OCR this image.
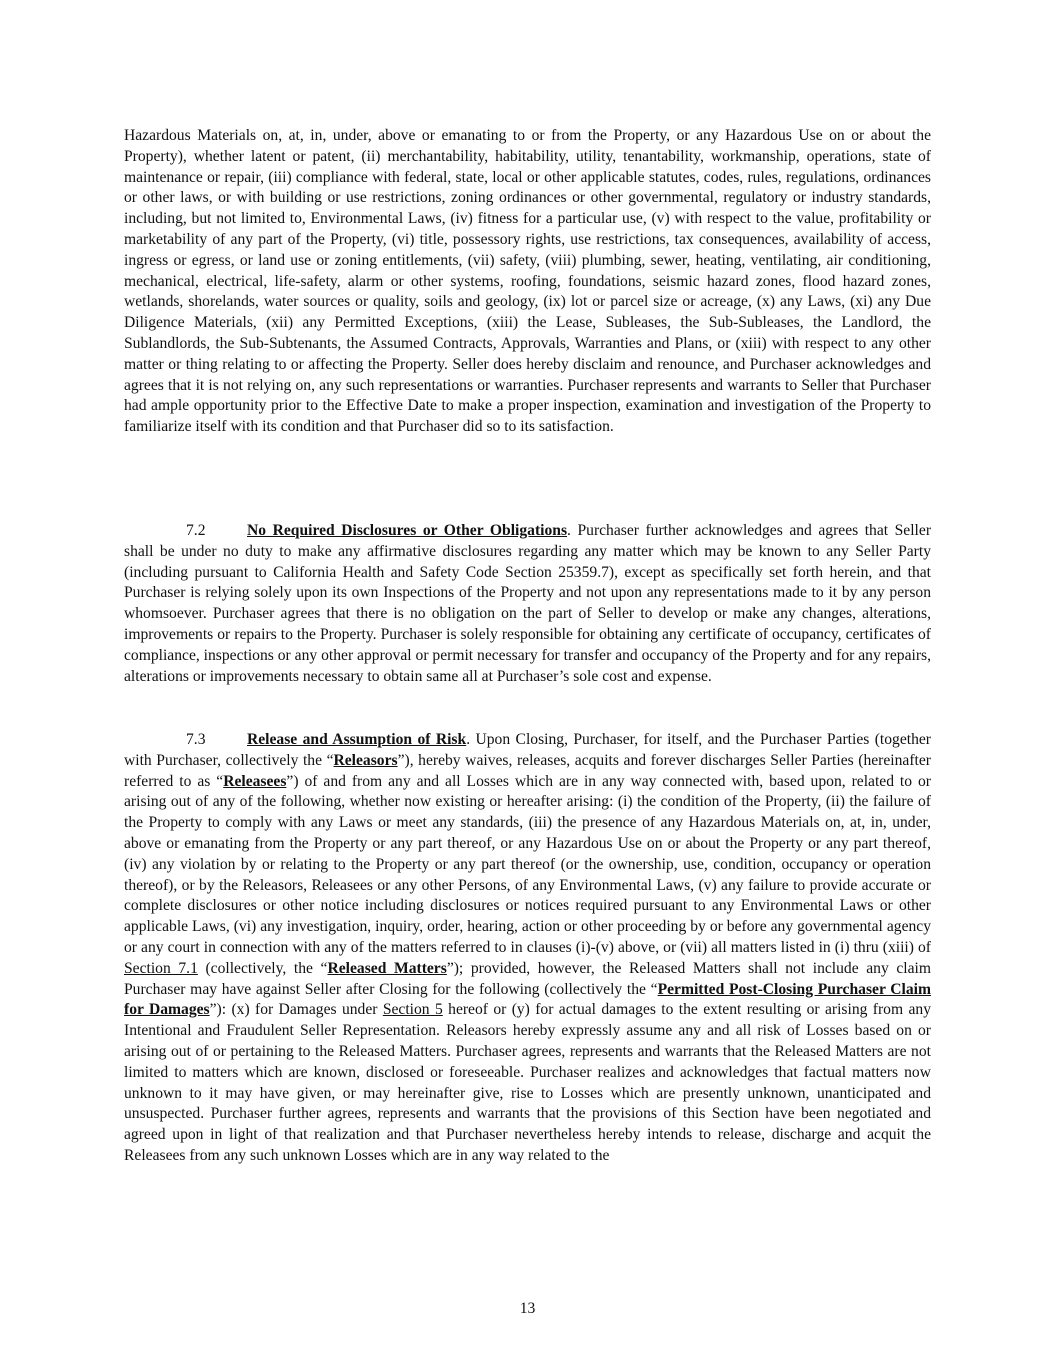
Hazardous Materials on, at, in, under, above or emanating to or from the Property, or any Hazardous Use on or about the Property), whether latent or patent, (ii) merchantability, habitability, utility, tenantability, workmanship, operations, state of maintenance or repair, (iii) compliance with federal, state, local or other applicable statutes, codes, rules, regulations, ordinances or other laws, or with building or use restrictions, zoning ordinances or other governmental, regulatory or industry standards, including, but not limited to, Environmental Laws, (iv) fitness for a particular use, (v) with respect to the value, profitability or marketability of any part of the Property, (vi) title, possessory rights, use restrictions, tax consequences, availability of access, ingress or egress, or land use or zoning entitlements, (vii) safety, (viii) plumbing, sewer, heating, ventilating, air conditioning, mechanical, electrical, life-safety, alarm or other systems, roofing, foundations, seismic hazard zones, flood hazard zones, wetlands, shorelands, water sources or quality, soils and geology, (ix) lot or parcel size or acreage, (x) any Laws, (xi) any Due Diligence Materials, (xii) any Permitted Exceptions, (xiii) the Lease, Subleases, the Sub-Subleases, the Landlord, the Sublandlords, the Sub-Subtenants, the Assumed Contracts, Approvals, Warranties and Plans, or (xiii) with respect to any other matter or thing relating to or affecting the Property. Seller does hereby disclaim and renounce, and Purchaser acknowledges and agrees that it is not relying on, any such representations or warranties. Purchaser represents and warrants to Seller that Purchaser had ample opportunity prior to the Effective Date to make a proper inspection, examination and investigation of the Property to familiarize itself with its condition and that Purchaser did so to its satisfaction.

7.2	No Required Disclosures or Other Obligations. Purchaser further acknowledges and agrees that Seller shall be under no duty to make any affirmative disclosures regarding any matter which may be known to any Seller Party (including pursuant to California Health and Safety Code Section 25359.7), except as specifically set forth herein, and that Purchaser is relying solely upon its own Inspections of the Property and not upon any representations made to it by any person whomsoever. Purchaser agrees that there is no obligation on the part of Seller to develop or make any changes, alterations, improvements or repairs to the Property. Purchaser is solely responsible for obtaining any certificate of occupancy, certificates of compliance, inspections or any other approval or permit necessary for transfer and occupancy of the Property and for any repairs, alterations or improvements necessary to obtain same all at Purchaser’s sole cost and expense.

7.3	Release and Assumption of Risk. Upon Closing, Purchaser, for itself, and the Purchaser Parties (together with Purchaser, collectively the “Releasors”), hereby waives, releases, acquits and forever discharges Seller Parties (hereinafter referred to as “Releasees”) of and from any and all Losses which are in any way connected with, based upon, related to or arising out of any of the following, whether now existing or hereafter arising: (i) the condition of the Property, (ii) the failure of the Property to comply with any Laws or meet any standards, (iii) the presence of any Hazardous Materials on, at, in, under, above or emanating from the Property or any part thereof, or any Hazardous Use on or about the Property or any part thereof, (iv) any violation by or relating to the Property or any part thereof (or the ownership, use, condition, occupancy or operation thereof), or by the Releasors, Releasees or any other Persons, of any Environmental Laws, (v) any failure to provide accurate or complete disclosures or other notice including disclosures or notices required pursuant to any Environmental Laws or other applicable Laws, (vi) any investigation, inquiry, order, hearing, action or other proceeding by or before any governmental agency or any court in connection with any of the matters referred to in clauses (i)-(v) above, or (vii) all matters listed in (i) thru (xiii) of Section 7.1 (collectively, the “Released Matters”); provided, however, the Released Matters shall not include any claim Purchaser may have against Seller after Closing for the following (collectively the “Permitted Post-Closing Purchaser Claim for Damages”): (x) for Damages under Section 5 hereof or (y) for actual damages to the extent resulting or arising from any Intentional and Fraudulent Seller Representation. Releasors hereby expressly assume any and all risk of Losses based on or arising out of or pertaining to the Released Matters. Purchaser agrees, represents and warrants that the Released Matters are not limited to matters which are known, disclosed or foreseeable. Purchaser realizes and acknowledges that factual matters now unknown to it may have given, or may hereinafter give, rise to Losses which are presently unknown, unanticipated and unsuspected. Purchaser further agrees, represents and warrants that the provisions of this Section have been negotiated and agreed upon in light of that realization and that Purchaser nevertheless hereby intends to release, discharge and acquit the Releasees from any such unknown Losses which are in any way related to the

13
